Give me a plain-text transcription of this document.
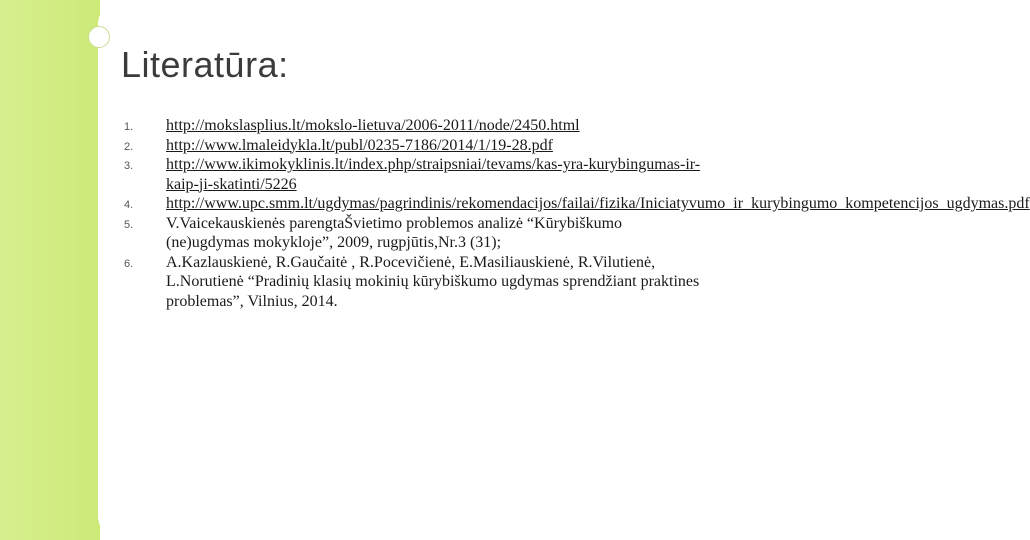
Literatūra:
1. http://mokslasplius.lt/mokslo-lietuva/2006-2011/node/2450.html
2. http://www.lmaleidykla.lt/publ/0235-7186/2014/1/19-28.pdf
3. http://www.ikimokyklinis.lt/index.php/straipsniai/tevams/kas-yra-kurybingumas-ir-kaip-ji-skatinti/5226
4. http://www.upc.smm.lt/ugdymas/pagrindinis/rekomendacijos/failai/fizika/Iniciatyvumo_ir_kurybingumo_kompetencijos_ugdymas.pdf
5. V.Vaicekauskienės parengtaŠvietimo problemos analizė “Kūrybiškumo (ne)ugdymas mokykloje”, 2009, rugpjūtis,Nr.3 (31);
6. A.Kazlauskienė, R.Gaučaitė , R.Pocevičienė, E.Masiliauskienė, R.Vilutienė, L.Norutienė “Pradinių klasių mokinių kūrybiškumo ugdymas sprendžiant praktines problemas”, Vilnius, 2014.
